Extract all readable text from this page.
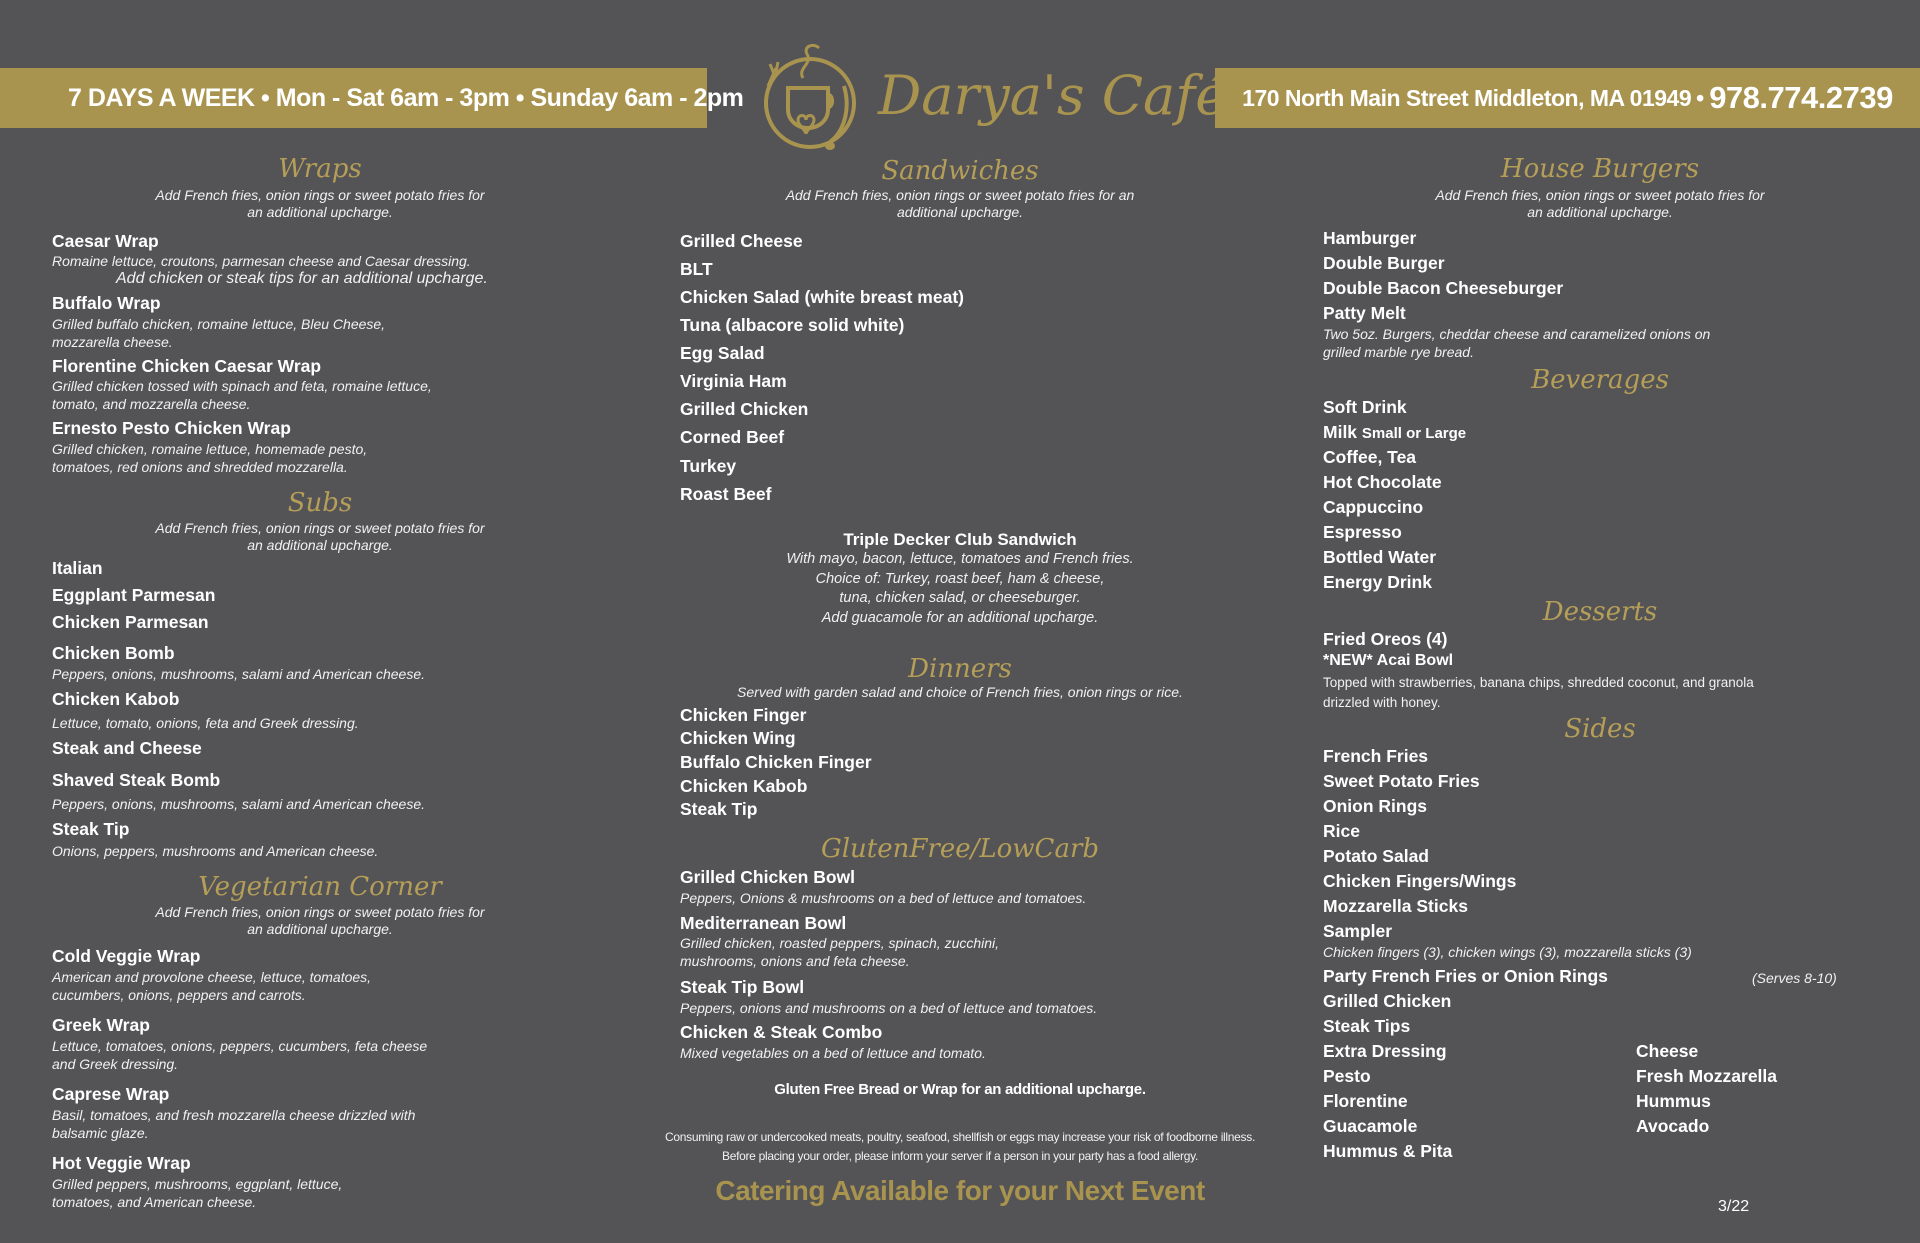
7 DAYS A WEEK • Mon - Sat 6am - 3pm • Sunday 6am - 2pm	170 North Main Street Middleton, MA 01949 • 978.774.2739
Darya's Café
Wraps
Add French fries, onion rings or sweet potato fries for
an additional upcharge.
Caesar Wrap
Romaine lettuce, croutons, parmesan cheese and Caesar dressing.
Add chicken or steak tips for an additional upcharge.
Buffalo Wrap
Grilled buffalo chicken, romaine lettuce, Bleu Cheese,
mozzarella cheese.
Florentine Chicken Caesar Wrap
Grilled chicken tossed with spinach and feta, romaine lettuce,
tomato, and mozzarella cheese.
Ernesto Pesto Chicken Wrap
Grilled chicken, romaine lettuce, homemade pesto,
tomatoes, red onions and shredded mozzarella.
Subs
Add French fries, onion rings or sweet potato fries for
an additional upcharge.
Italian
Eggplant Parmesan
Chicken Parmesan
Chicken Bomb
Peppers, onions, mushrooms, salami and American cheese.
Chicken Kabob
Lettuce, tomato, onions, feta and Greek dressing.
Steak and Cheese
Shaved Steak Bomb
Peppers, onions, mushrooms, salami and American cheese.
Steak Tip
Onions, peppers, mushrooms and American cheese.
Vegetarian Corner
Add French fries, onion rings or sweet potato fries for
an additional upcharge.
Cold Veggie Wrap
American and provolone cheese, lettuce, tomatoes,
cucumbers, onions, peppers and carrots.
Greek Wrap
Lettuce, tomatoes, onions, peppers, cucumbers, feta cheese
and Greek dressing.
Caprese Wrap
Basil, tomatoes, and fresh mozzarella cheese drizzled with
balsamic glaze.
Hot Veggie Wrap
Grilled peppers, mushrooms, eggplant, lettuce,
tomatoes, and American cheese.
Sandwiches
Add French fries, onion rings or sweet potato fries for an
additional upcharge.
Grilled Cheese
BLT
Chicken Salad (white breast meat)
Tuna (albacore solid white)
Egg Salad
Virginia Ham
Grilled Chicken
Corned Beef
Turkey
Roast Beef
Triple Decker Club Sandwich
With mayo, bacon, lettuce, tomatoes and French fries.
Choice of: Turkey, roast beef, ham & cheese,
tuna, chicken salad, or cheeseburger.
Add guacamole for an additional upcharge.
Dinners
Served with garden salad and choice of French fries, onion rings or rice.
Chicken Finger
Chicken Wing
Buffalo Chicken Finger
Chicken Kabob
Steak Tip
GlutenFree/LowCarb
Grilled Chicken Bowl
Peppers, Onions & mushrooms on a bed of lettuce and tomatoes.
Mediterranean Bowl
Grilled chicken, roasted peppers, spinach, zucchini,
mushrooms, onions and feta cheese.
Steak Tip Bowl
Peppers, onions and mushrooms on a bed of lettuce and tomatoes.
Chicken & Steak Combo
Mixed vegetables on a bed of lettuce and tomato.
Gluten Free Bread or Wrap for an additional upcharge.
Consuming raw or undercooked meats, poultry, seafood, shellfish or eggs may increase your risk of foodborne illness.
Before placing your order, please inform your server if a person in your party has a food allergy.
Catering Available for your Next Event
House Burgers
Add French fries, onion rings or sweet potato fries for
an additional upcharge.
Hamburger
Double Burger
Double Bacon Cheeseburger
Patty Melt
Two 5oz. Burgers, cheddar cheese and caramelized onions on
grilled marble rye bread.
Beverages
Soft Drink
Milk Small or Large
Coffee, Tea
Hot Chocolate
Cappuccino
Espresso
Bottled Water
Energy Drink
Desserts
Fried Oreos (4)
*NEW* Acai Bowl
Topped with strawberries, banana chips, shredded coconut, and granola
drizzled with honey.
Sides
French Fries
Sweet Potato Fries
Onion Rings
Rice
Potato Salad
Chicken Fingers/Wings
Mozzarella Sticks
Sampler
Chicken fingers (3), chicken wings (3), mozzarella sticks (3)
Party French Fries or Onion Rings	(Serves 8-10)
Grilled Chicken
Steak Tips
Extra Dressing
Pesto
Florentine
Guacamole
Hummus & Pita
Cheese
Fresh Mozzarella
Hummus
Avocado
3/22
